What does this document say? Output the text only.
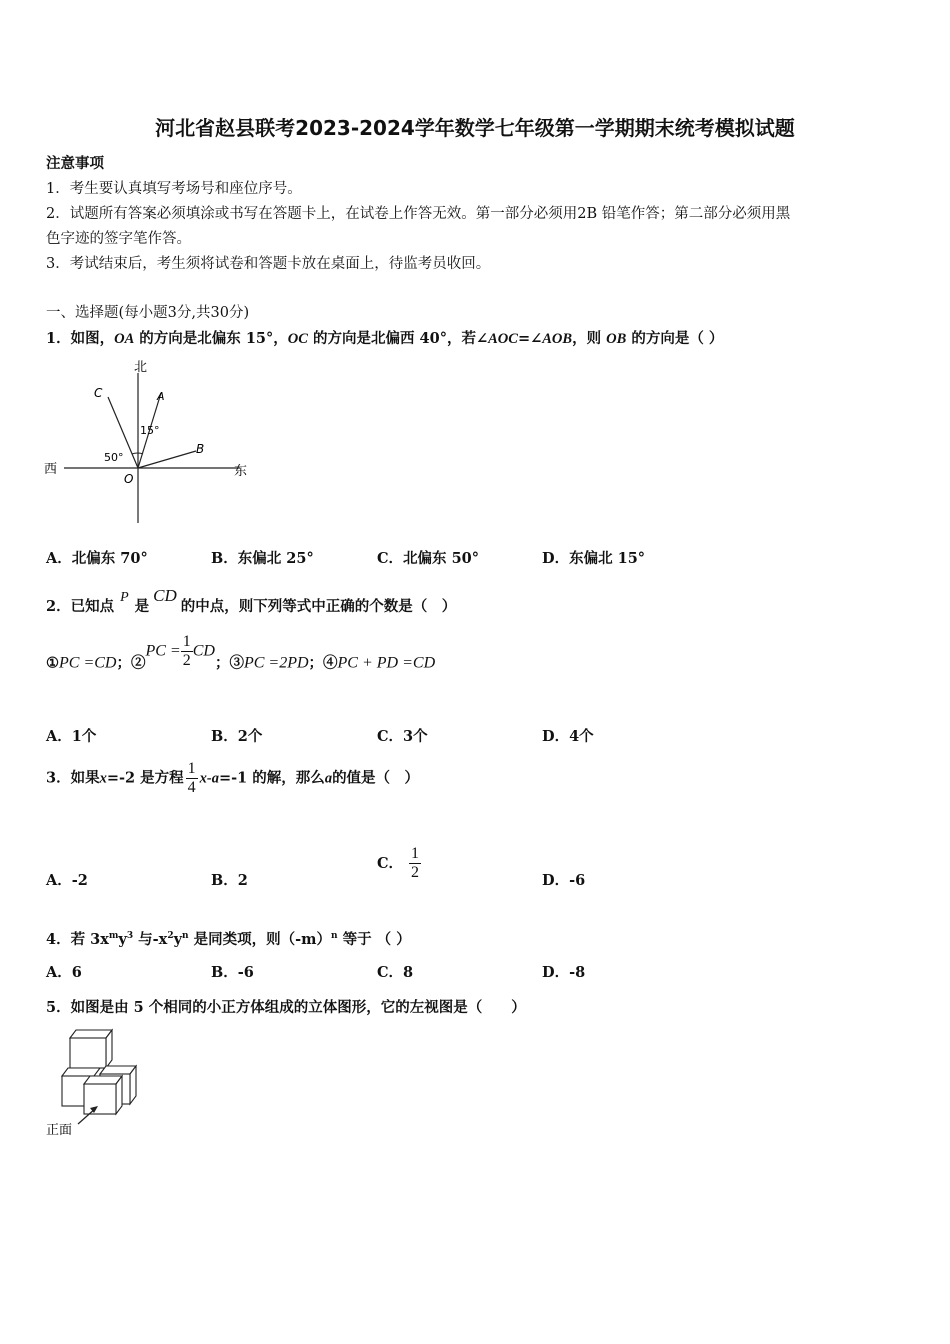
河北省赵县联考2023-2024学年数学七年级第一学期期末统考模拟试题
注意事项
1．考生要认真填写考场号和座位序号。
2．试题所有答案必须填涂或书写在答题卡上，在试卷上作答无效。第一部分必须用2B 铅笔作答；第二部分必须用黑
色字迹的签字笔作答。
3．考试结束后，考生须将试卷和答题卡放在桌面上，待监考员收回。
一、选择题(每小题3分,共30分)
1．如图，OA 的方向是北偏东 15°，OC 的方向是北偏西 40°，若∠AOC=∠AOB，则 OB 的方向是（ ）
北
西	东
C	A
B
O
15°
50°
A．北偏东 70°	B．东偏北 25°	C．北偏东 50°	D．东偏北 15°
2．已知点P是CD的中点，则下列等式中正确的个数是（　）
①PC =CD；②PC = $\frac{1}{2}$ CD；③PC =2PD；④PC + PD =CD
A．1个	B．2个	C．3个	D．4个
3．如果x=-2 是方程 $\frac{1}{4} x-a=-1$ 的解，那么a的值是（　）
A．-2	B．2
C． $\frac{1}{2}$	D．-6
4．若 $3x^my^3$ 与$-x^2y^n$ 是同类项，则$(-m)^n$ 等于 （ ）
A．6	B．-6	C．8	D．-8
5．如图是由 5 个相同的小正方体组成的立体图形，它的左视图是（　　）
正面
